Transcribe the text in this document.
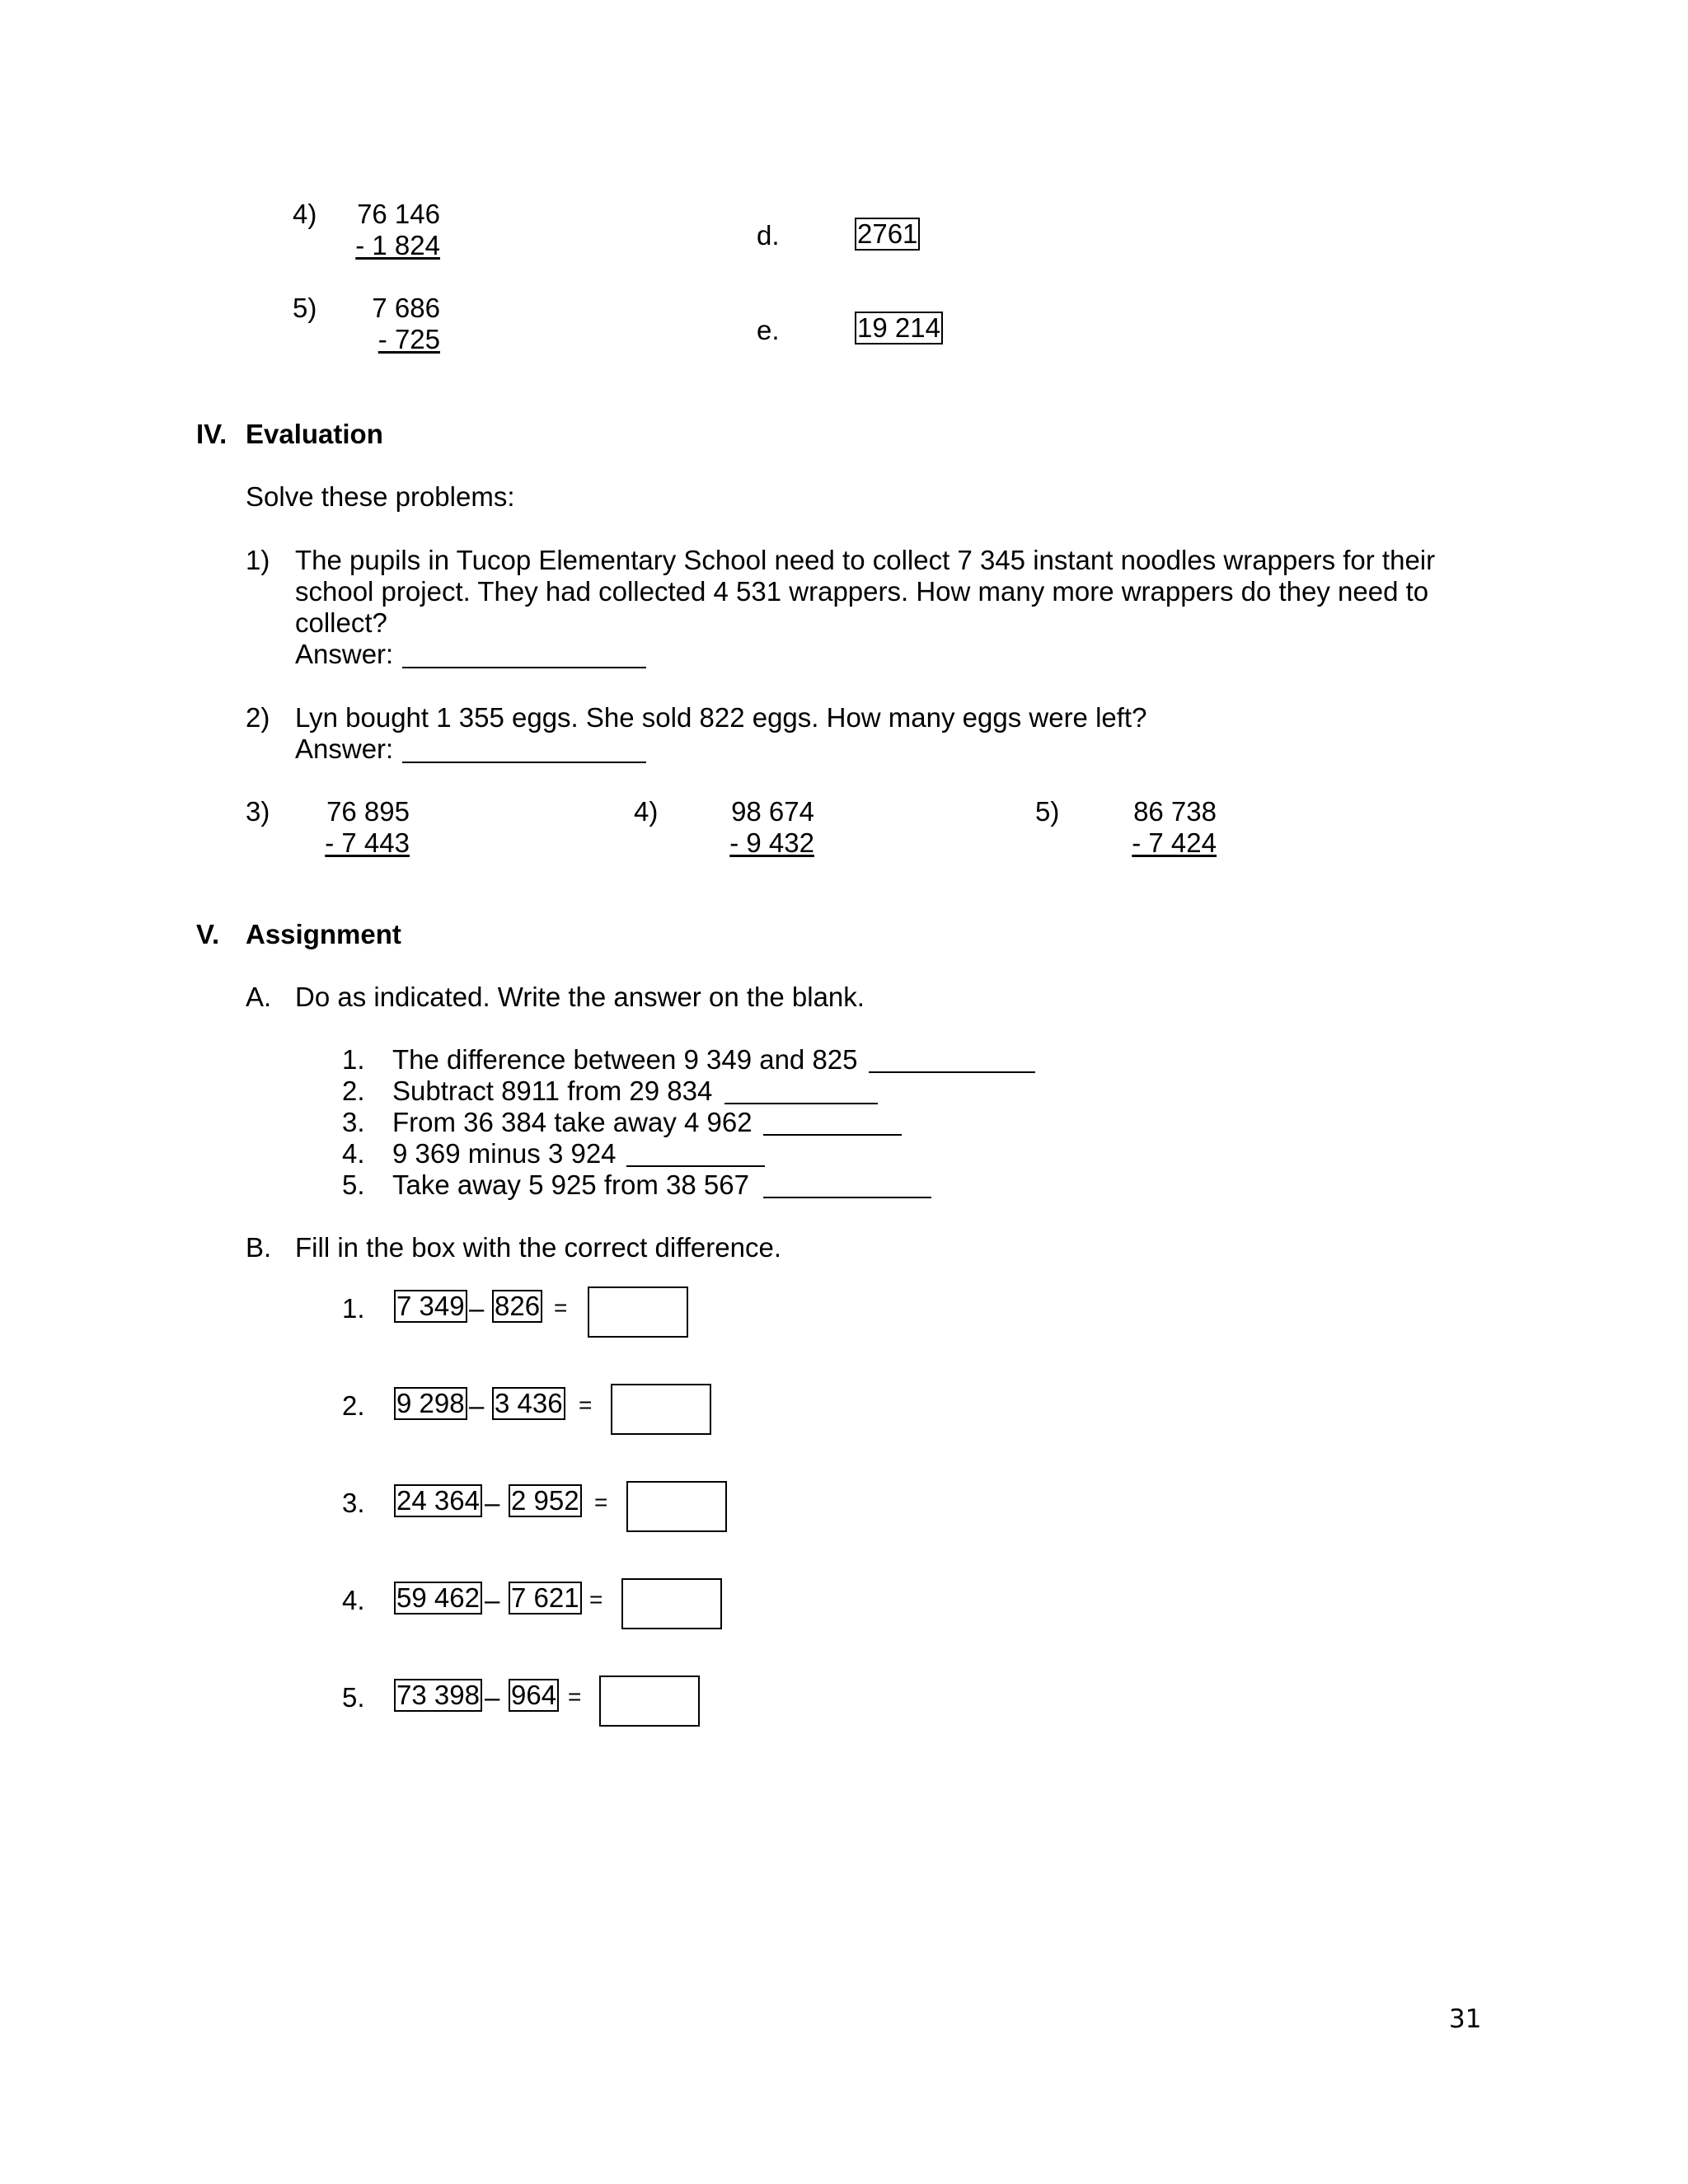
4) 76 146
- 1 824	d.	2761
5) 7 686
- 725	e.	19 214
IV. Evaluation
Solve these problems:
1) The pupils in Tucop Elementary School need to collect 7 345 instant noodles wrappers for their
school project. They had collected 4 531 wrappers. How many more wrappers do they need to
collect?
Answer:
2) Lyn bought 1 355 eggs. She sold 822 eggs. How many eggs were left?
Answer:
3) 76 895
- 7 443
4)	98 674
- 9 432
5)	86 738
- 7 424
V. Assignment
A. Do as indicated. Write the answer on the blank.
1. The difference between 9 349 and 825
2. Subtract 8911 from 29 834
3. From 36 384 take away 4 962
4. 9 369 minus 3 924
5. Take away 5 925 from 38 567
B. Fill in the box with the correct difference.
1. 7 349 – 826 =
2. 9 298 – 3 436 =
3. 24 364 – 2 952 =
4. 59 462 – 7 621 =
5. 73 398 – 964 =
31
